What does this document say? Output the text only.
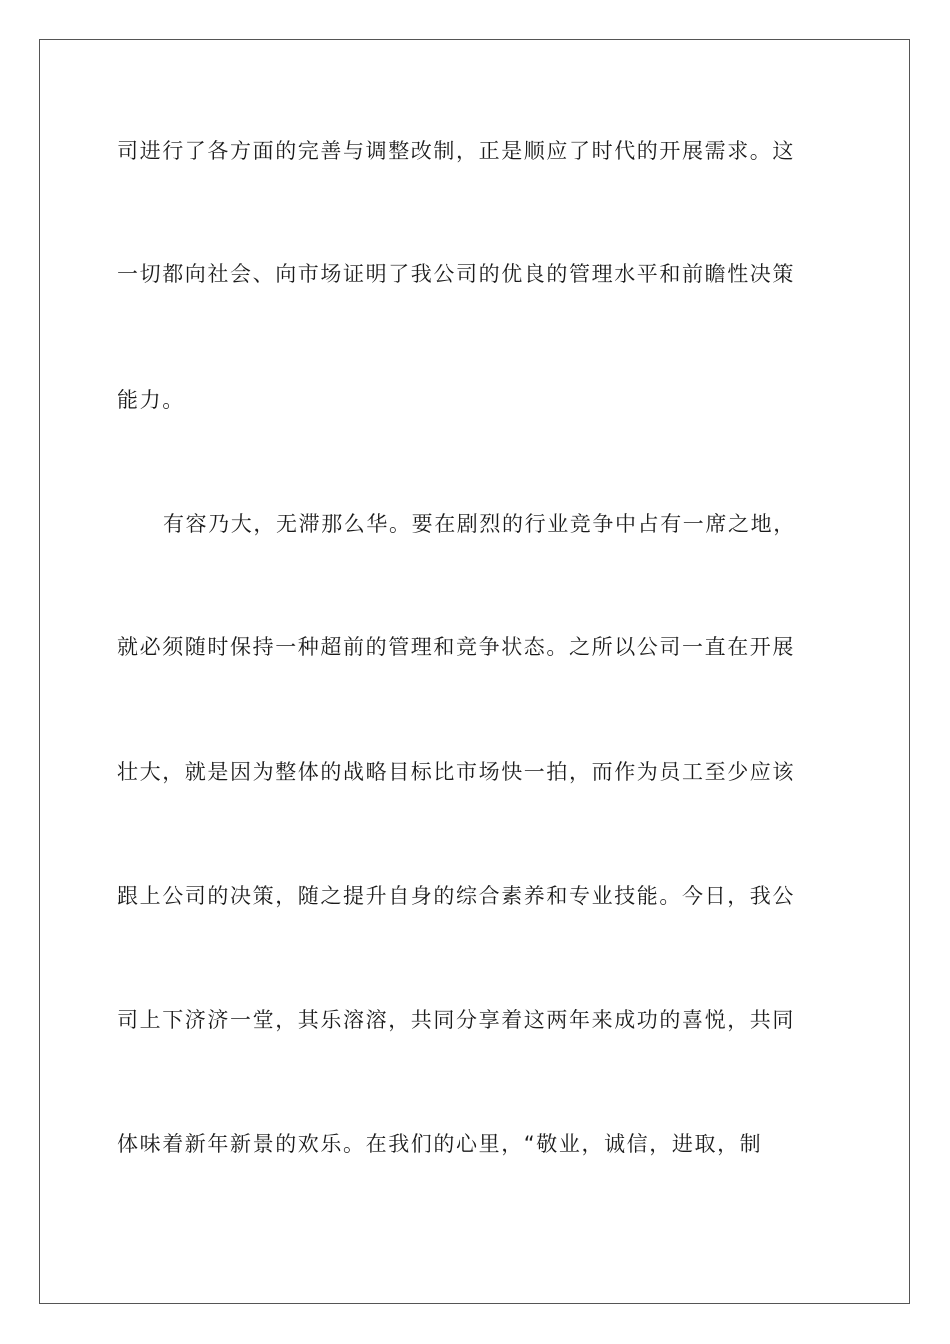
司进行了各方面的完善与调整改制，正是顺应了时代的开展需求。这
一切都向社会、向市场证明了我公司的优良的管理水平和前瞻性决策
能力。
有容乃大，无滞那么华。要在剧烈的行业竞争中占有一席之地，
就必须随时保持一种超前的管理和竞争状态。之所以公司一直在开展
壮大，就是因为整体的战略目标比市场快一拍，而作为员工至少应该
跟上公司的决策，随之提升自身的综合素养和专业技能。今日，我公
司上下济济一堂，其乐溶溶，共同分享着这两年来成功的喜悦，共同
体味着新年新景的欢乐。在我们的心里，“敬业，诚信，进取，制
